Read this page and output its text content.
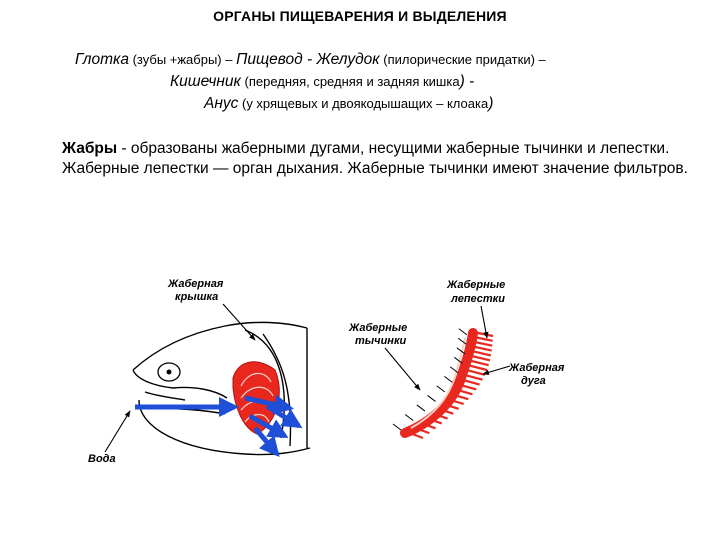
ОРГАНЫ ПИЩЕВАРЕНИЯ И ВЫДЕЛЕНИЯ
Глотка (зубы +жабры) – Пищевод - Желудок (пилорические придатки) –
Кишечник (передняя, средняя и задняя кишка) -
Анус (у хрящевых и двоякодышащих – клоака)
Жабры - образованы жаберными дугами, несущими жаберные тычинки и лепестки.
Жаберные лепестки — орган дыхания. Жаберные тычинки имеют значение фильтров.
Жаберная
крышка
Вода
Жаберные
тычинки
Жаберные
лепестки
Жаберная
дуга
